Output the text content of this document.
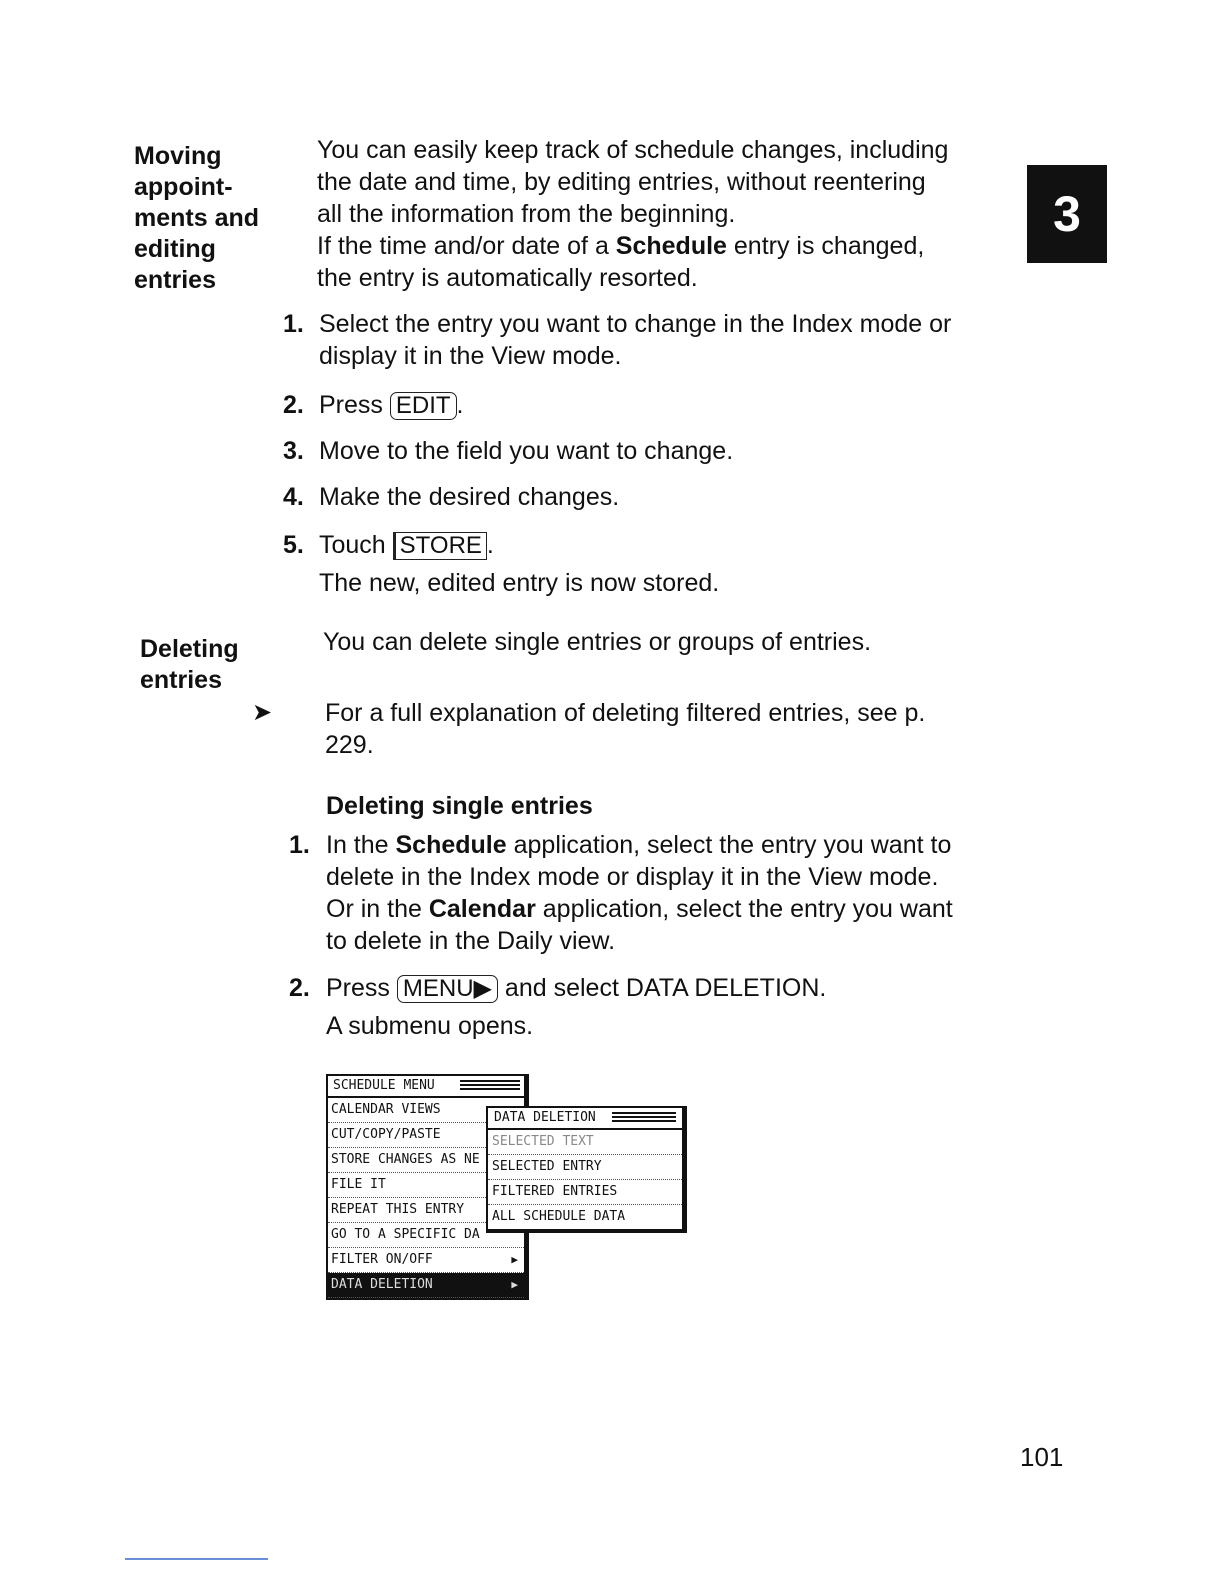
Moving
appoint-
ments and
editing
entries
You can easily keep track of schedule changes, including
the date and time, by editing entries, without reentering
all the information from the beginning.
If the time and/or date of a Schedule entry is changed,
the entry is automatically resorted.
3
1. Select the entry you want to change in the Index mode or
display it in the View mode.
2. Press EDIT .
3. Move to the field you want to change.
4. Make the desired changes.
5. Touch STORE .
The new, edited entry is now stored.
Deleting
entries
You can delete single entries or groups of entries.
➤ For a full explanation of deleting filtered entries, see p.
229.
Deleting single entries
1. In the Schedule application, select the entry you want to
delete in the Index mode or display it in the View mode.
Or in the Calendar application, select the entry you want
to delete in the Daily view.
2. Press MENU▶ and select DATA DELETION.
A submenu opens.
SCHEDULE MENU
CALENDAR VIEWS
CUT/COPY/PASTE
STORE CHANGES AS NE
FILE IT
REPEAT THIS ENTRY
GO TO A SPECIFIC DA
FILTER ON/OFF	▶
DATA DELETION	▶
DATA DELETION
SELECTED TEXT
SELECTED ENTRY
FILTERED ENTRIES
ALL SCHEDULE DATA
101
